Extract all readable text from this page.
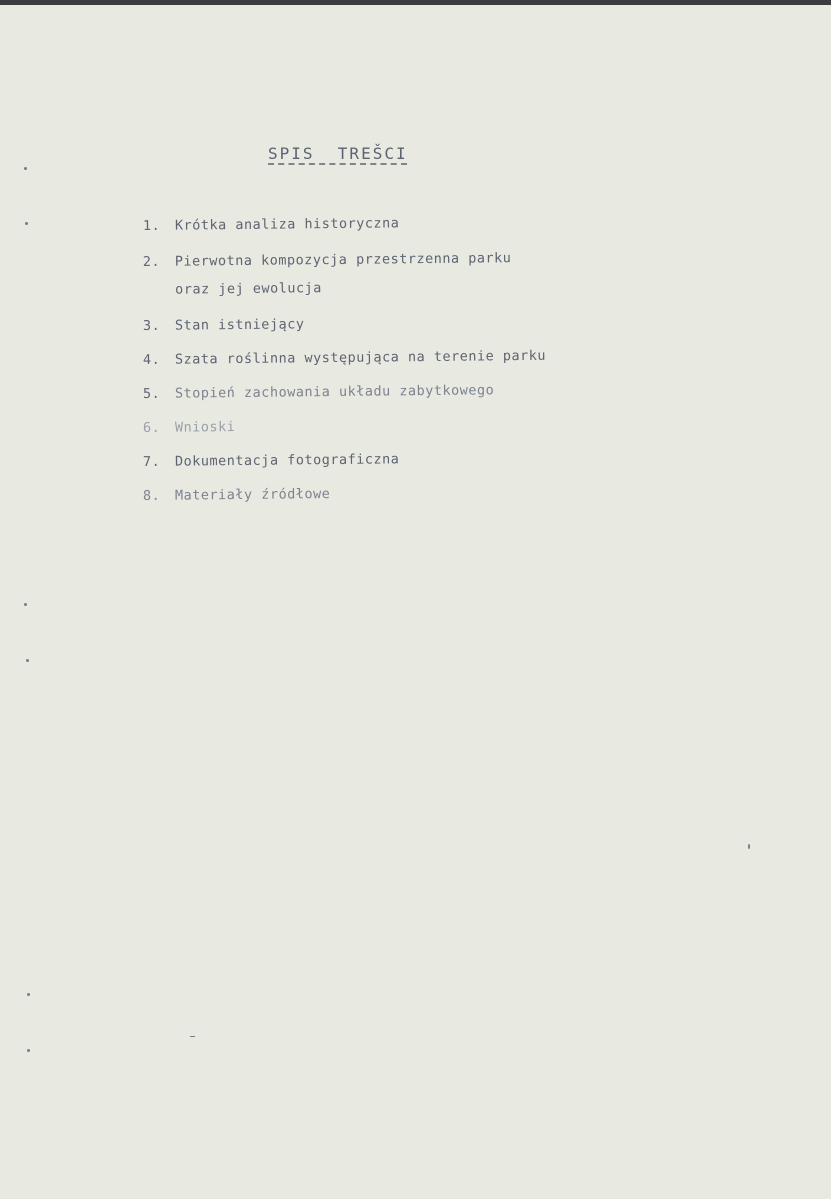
SPIS  TREŠCI
1. Krótka analiza historyczna
2. Pierwotna kompozycja przestrzenna parku
oraz jej ewolucja
3. Stan istniejący
4. Szata roślinna występująca na terenie parku
5. Stopień zachowania układu zabytkowego
6. Wnioski
7. Dokumentacja fotograficzna
8. Materiały źródłowe
